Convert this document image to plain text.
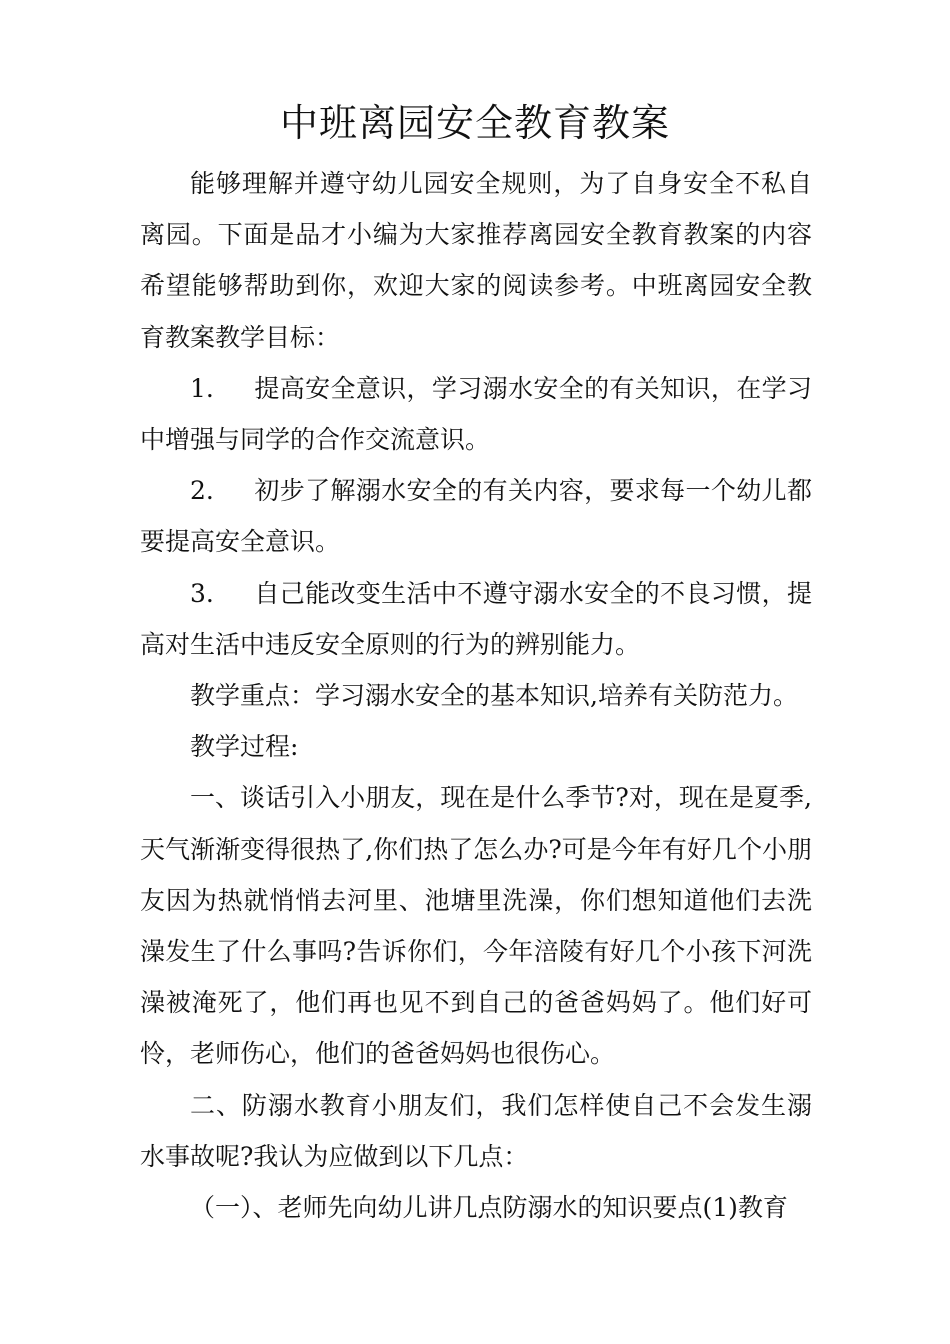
中班离园安全教育教案

能够理解并遵守幼儿园安全规则，为了自身安全不私自离园。下面是品才小编为大家推荐离园安全教育教案的内容希望能够帮助到你，欢迎大家的阅读参考。中班离园安全教育教案教学目标：

1. 提高安全意识，学习溺水安全的有关知识，在学习中增强与同学的合作交流意识。

2. 初步了解溺水安全的有关内容，要求每一个幼儿都要提高安全意识。

3. 自己能改变生活中不遵守溺水安全的不良习惯，提高对生活中违反安全原则的行为的辨别能力。

教学重点：学习溺水安全的基本知识,培养有关防范力。

教学过程:

一、谈话引入小朋友，现在是什么季节?对，现在是夏季,天气渐渐变得很热了,你们热了怎么办?可是今年有好几个小朋友因为热就悄悄去河里、池塘里洗澡，你们想知道他们去洗澡发生了什么事吗?告诉你们，今年涪陵有好几个小孩下河洗澡被淹死了，他们再也见不到自己的爸爸妈妈了。他们好可怜，老师伤心，他们的爸爸妈妈也很伤心。

二、防溺水教育小朋友们，我们怎样使自己不会发生溺水事故呢?我认为应做到以下几点：

（一）、老师先向幼儿讲几点防溺水的知识要点(1)教育
